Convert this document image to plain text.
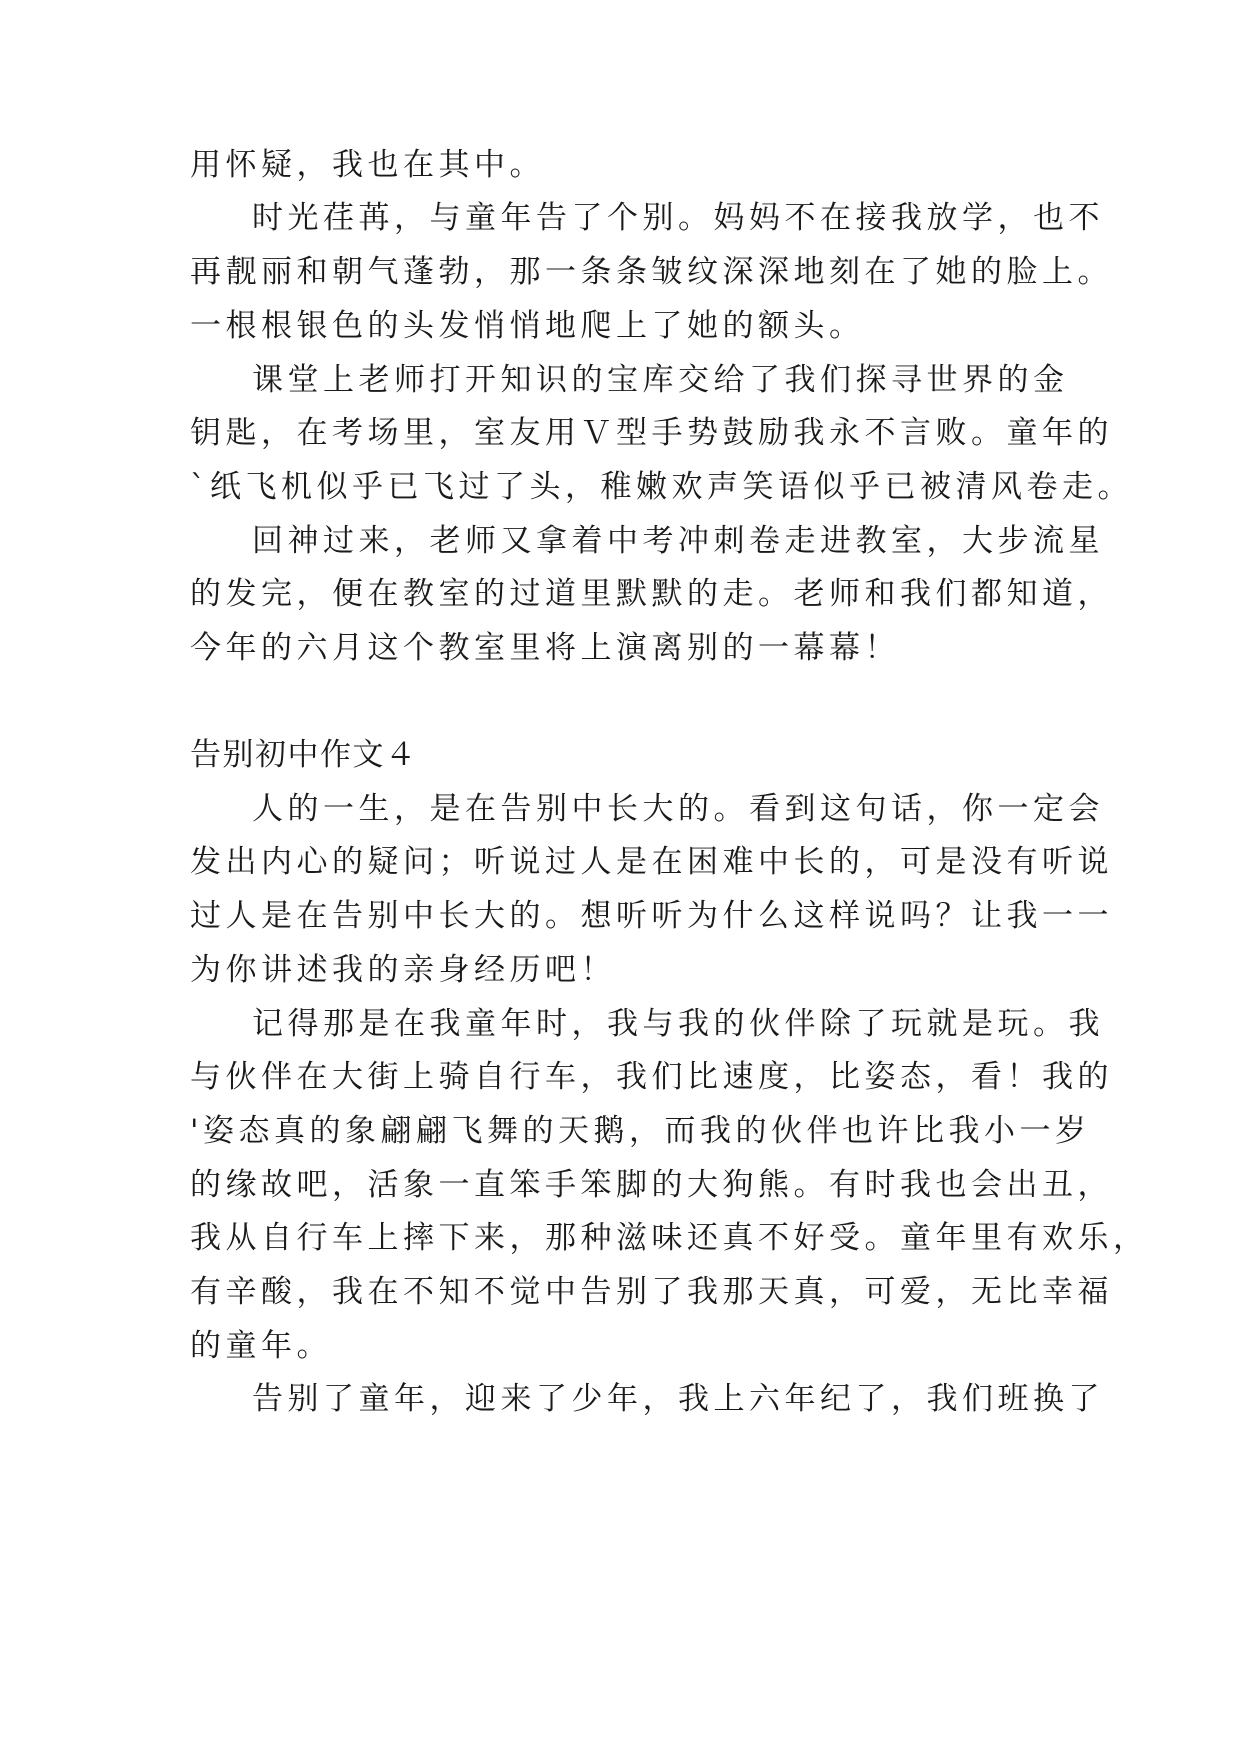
用怀疑，我也在其中。
时光荏苒，与童年告了个别。妈妈不在接我放学，也不
再靓丽和朝气蓬勃，那一条条皱纹深深地刻在了她的脸上。
一根根银色的头发悄悄地爬上了她的额头。
课堂上老师打开知识的宝库交给了我们探寻世界的金
钥匙，在考场里，室友用Ｖ型手势鼓励我永不言败。童年的
`纸飞机似乎已飞过了头，稚嫩欢声笑语似乎已被清风卷走。
回神过来，老师又拿着中考冲刺卷走进教室，大步流星
的发完，便在教室的过道里默默的走。老师和我们都知道，
今年的六月这个教室里将上演离别的一幕幕！
告别初中作文４
人的一生，是在告别中长大的。看到这句话，你一定会
发出内心的疑问；听说过人是在困难中长的，可是没有听说
过人是在告别中长大的。想听听为什么这样说吗？让我一一
为你讲述我的亲身经历吧！
记得那是在我童年时，我与我的伙伴除了玩就是玩。我
与伙伴在大街上骑自行车，我们比速度，比姿态，看！我的
'姿态真的象翩翩飞舞的天鹅，而我的伙伴也许比我小一岁
的缘故吧，活象一直笨手笨脚的大狗熊。有时我也会出丑，
我从自行车上摔下来，那种滋味还真不好受。童年里有欢乐，
有辛酸，我在不知不觉中告别了我那天真，可爱，无比幸福
的童年。
告别了童年，迎来了少年，我上六年纪了，我们班换了
